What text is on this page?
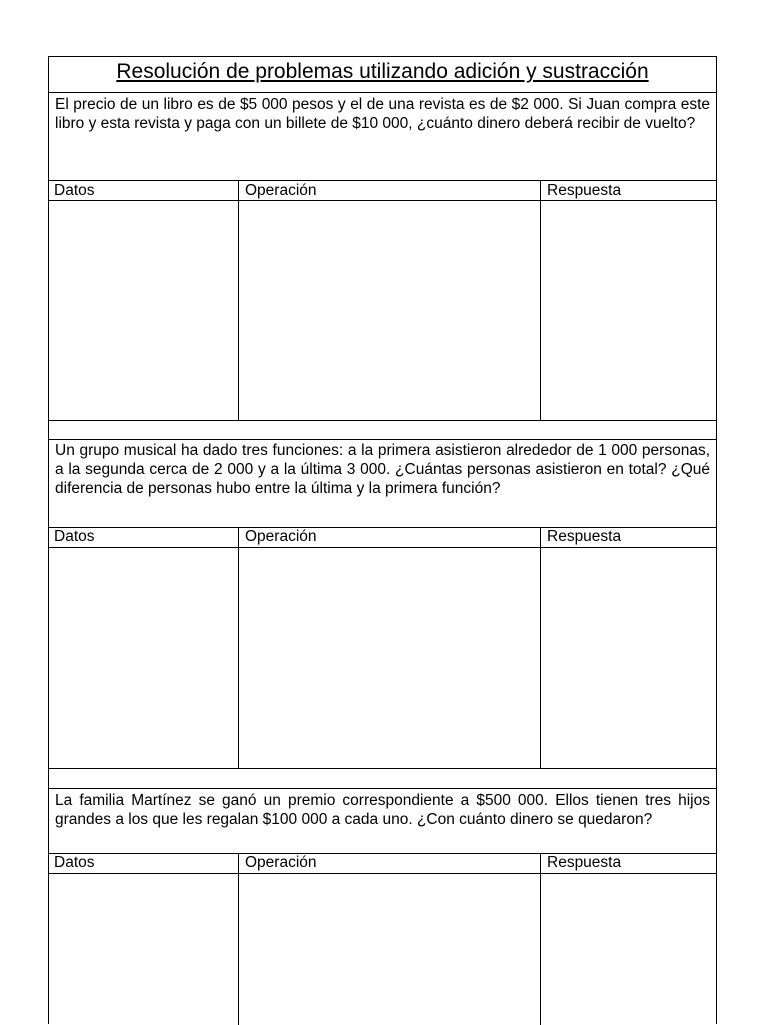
Resolución de problemas utilizando adición y sustracción
El precio de un libro es de $5 000 pesos y el de una revista es de $2 000. Si Juan compra este libro y esta revista y paga con un billete de $10 000, ¿cuánto dinero deberá recibir de vuelto?
Datos	Operación	Respuesta
Un grupo musical ha dado tres funciones: a la primera asistieron alrededor de 1 000 personas, a la segunda cerca de 2 000 y a la última 3 000. ¿Cuántas personas asistieron en total? ¿Qué diferencia de personas hubo entre la última y la primera función?
Datos	Operación	Respuesta
La familia Martínez se ganó un premio correspondiente a $500 000. Ellos tienen tres hijos grandes a los que les regalan $100 000 a cada uno. ¿Con cuánto dinero se quedaron?
Datos	Operación	Respuesta
